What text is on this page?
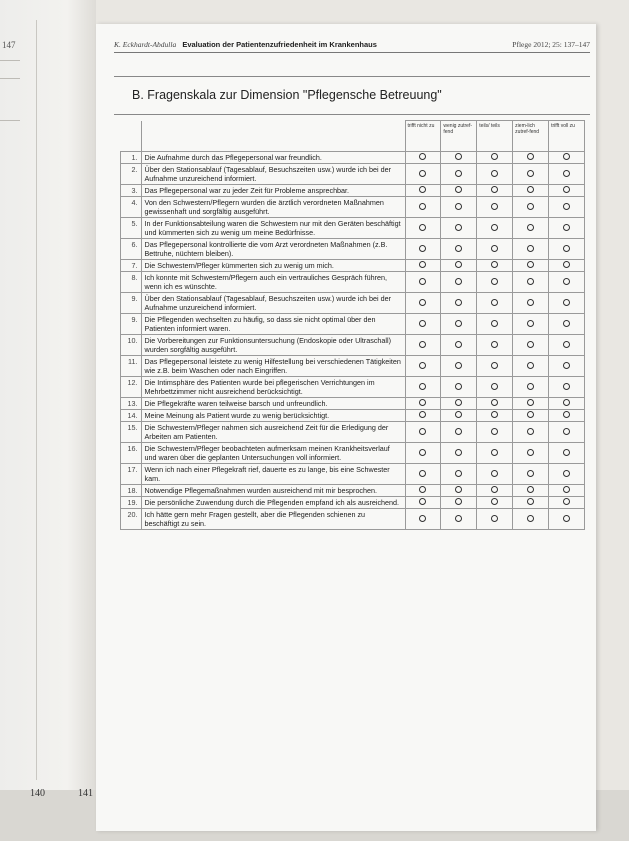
147
140	141
K. Eckhardt-Abdulla Evaluation der Patientenzufriedenheit im Krankenhaus	Pflege 2012; 25: 137–147
B. Fragenskala zur Dimension "Pflegensche Betreuung"
		trifft nicht zu	wenig zutref-fend	teils/ teils	ziem-lich zutref-fend	trifft voll zu
1.	Die Aufnahme durch das Pflegepersonal war freundlich.					
2.	Über den Stationsablauf (Tagesablauf, Besuchszeiten usw.) wurde ich bei der Aufnahme unzureichend informiert.					
3.	Das Pflegepersonal war zu jeder Zeit für Probleme ansprechbar.					
4.	Von den Schwestern/Pflegern wurden die ärztlich verordneten Maßnahmen gewissenhaft und sorgfältig ausgeführt.					
5.	In der Funktionsabteilung waren die Schwestern nur mit den Geräten beschäftigt und kümmerten sich zu wenig um meine Bedürfnisse.					
6.	Das Pflegepersonal kontrollierte die vom Arzt verordneten Maßnahmen (z.B. Bettruhe, nüchtern bleiben).					
7.	Die Schwestern/Pfleger kümmerten sich zu wenig um mich.					
8.	Ich konnte mit Schwestern/Pflegern auch ein vertrauliches Gespräch führen, wenn ich es wünschte.					
9.	Über den Stationsablauf (Tagesablauf, Besuchszeiten usw.) wurde ich bei der Aufnahme unzureichend informiert.					
9.	Die Pflegenden wechselten zu häufig, so dass sie nicht optimal über den Patienten informiert waren.					
10.	Die Vorbereitungen zur Funktionsuntersuchung (Endoskopie oder Ultraschall) wurden sorgfältig ausgeführt.					
11.	Das Pflegepersonal leistete zu wenig Hilfestellung bei verschiedenen Tätigkeiten wie z.B. beim Waschen oder nach Eingriffen.					
12.	Die Intimsphäre des Patienten wurde bei pflegerischen Verrichtungen im Mehrbettzimmer nicht ausreichend berücksichtigt.					
13.	Die Pflegekräfte waren teilweise barsch und unfreundlich.					
14.	Meine Meinung als Patient wurde zu wenig berücksichtigt.					
15.	Die Schwestern/Pfleger nahmen sich ausreichend Zeit für die Erledigung der Arbeiten am Patienten.					
16.	Die Schwestern/Pfleger beobachteten aufmerksam meinen Krankheitsverlauf und waren über die geplanten Untersuchungen voll informiert.					
17.	Wenn ich nach einer Pflegekraft rief, dauerte es zu lange, bis eine Schwester kam.					
18.	Notwendige Pflegemaßnahmen wurden ausreichend mit mir besprochen.					
19.	Die persönliche Zuwendung durch die Pflegenden empfand ich als ausreichend.					
20.	Ich hätte gern mehr Fragen gestellt, aber die Pflegenden schienen zu beschäftigt zu sein.					
